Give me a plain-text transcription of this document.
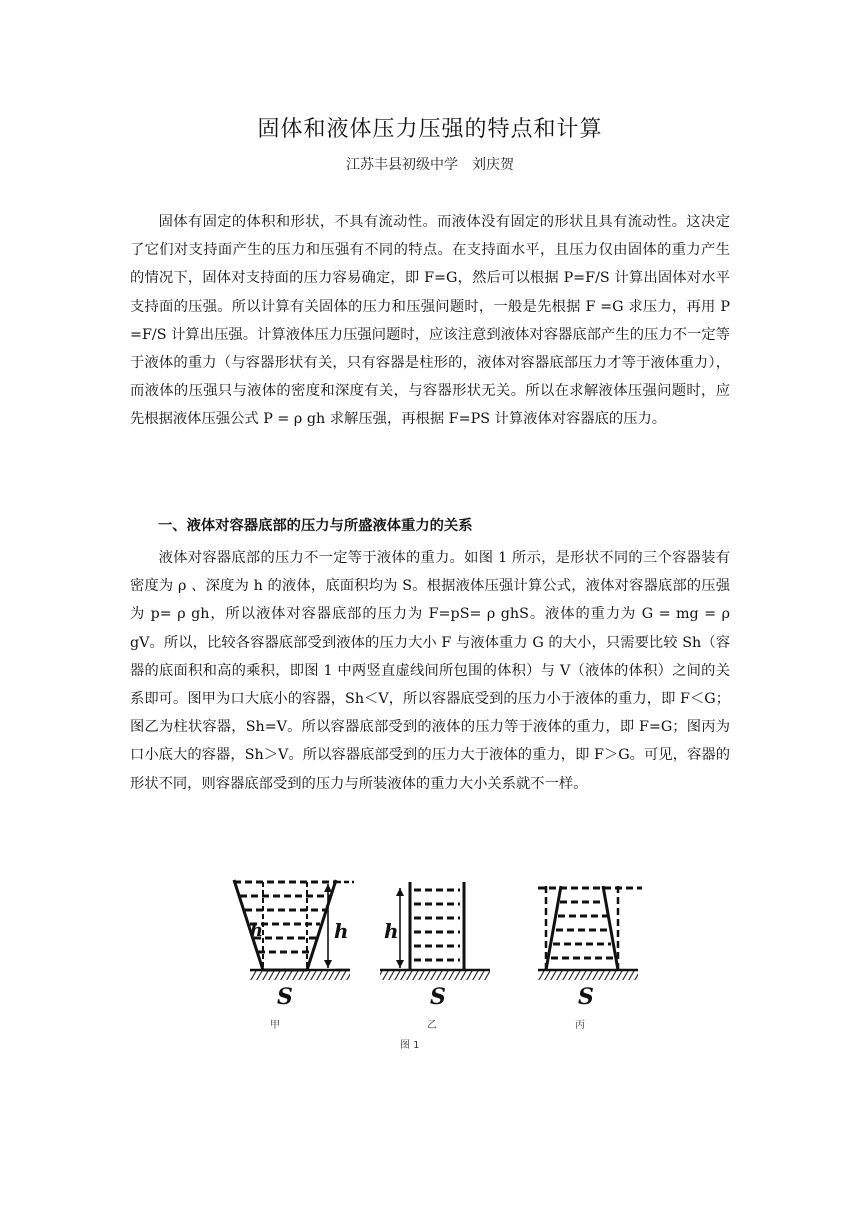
固体和液体压力压强的特点和计算
江苏丰县初级中学　刘庆贺

固体有固定的体积和形状，不具有流动性。而液体没有固定的形状且具有流动性。这决定了它们对支持面产生的压力和压强有不同的特点。在支持面水平，且压力仅由固体的重力产生的情况下，固体对支持面的压力容易确定，即 F=G，然后可以根据 P=F/S 计算出固体对水平支持面的压强。所以计算有关固体的压力和压强问题时，一般是先根据 F =G 求压力，再用 P =F/S 计算出压强。计算液体压力压强问题时，应该注意到液体对容器底部产生的压力不一定等于液体的重力（与容器形状有关，只有容器是柱形的，液体对容器底部压力才等于液体重力），而液体的压强只与液体的密度和深度有关，与容器形状无关。所以在求解液体压强问题时，应先根据液体压强公式 P = ρ gh 求解压强，再根据 F=PS 计算液体对容器底的压力。

一、液体对容器底部的压力与所盛液体重力的关系

液体对容器底部的压力不一定等于液体的重力。如图 1 所示，是形状不同的三个容器装有密度为 ρ 、深度为 h 的液体，底面积均为 S。根据液体压强计算公式，液体对容器底部的压强为 p= ρ gh，所以液体对容器底部的压力为 F=pS= ρ ghS。液体的重力为 G = mg = ρ gV。所以，比较各容器底部受到液体的压力大小 F 与液体重力 G 的大小，只需要比较 Sh（容器的底面积和高的乘积，即图 1 中两竖直虚线间所包围的体积）与 V（液体的体积）之间的关系即可。图甲为口大底小的容器，Sh＜V，所以容器底受到的压力小于液体的重力，即 F＜G；图乙为柱状容器，Sh=V。所以容器底部受到的液体的压力等于液体的重力，即 F=G；图丙为口小底大的容器，Sh＞V。所以容器底部受到的压力大于液体的重力，即 F＞G。可见，容器的形状不同，则容器底部受到的压力与所装液体的重力大小关系就不一样。

h	h
S
甲
h
S
乙
S
丙
图 1
